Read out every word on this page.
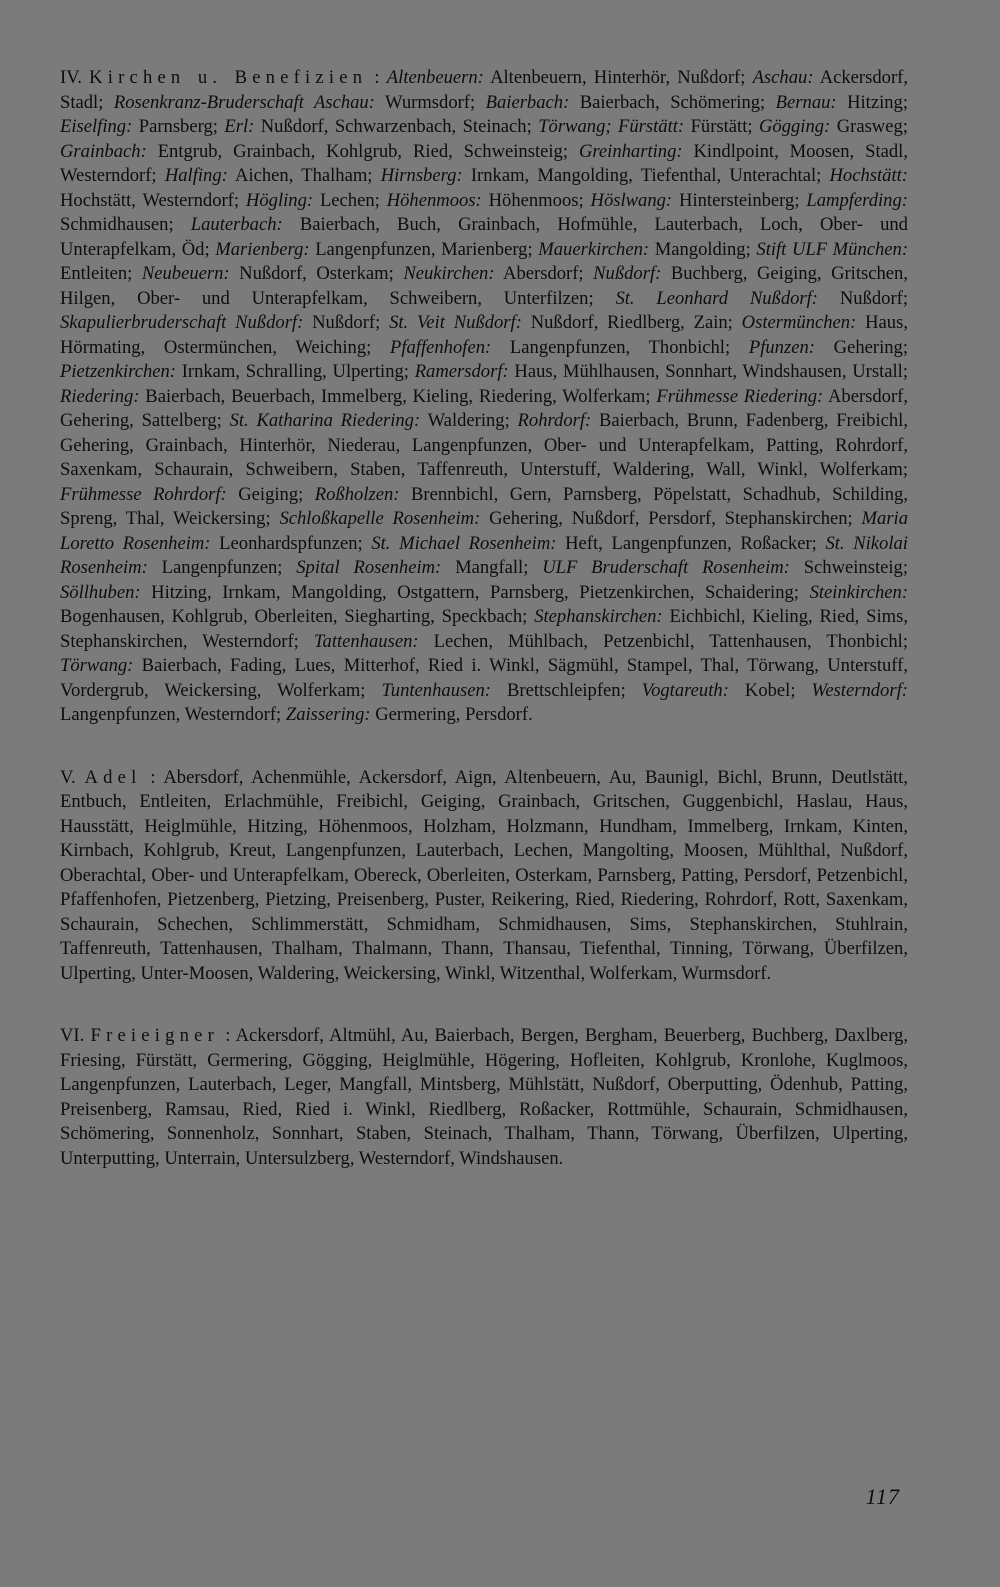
IV. Kirchen u. Benefizien : Altenbeuern: Altenbeuern, Hinterhör, Nußdorf; Aschau: Ackersdorf, Stadl; Rosenkranz-Bruderschaft Aschau: Wurmsdorf; Baierbach: Baierbach, Schömering; Bernau: Hitzing; Eiselfing: Parnsberg; Erl: Nußdorf, Schwarzenbach, Steinach; Törwang; Fürstätt: Fürstätt; Gögging: Grasweg; Grainbach: Entgrub, Grainbach, Kohlgrub, Ried, Schweinsteig; Greinharting: Kindlpoint, Moosen, Stadl, Westerndorf; Halfing: Aichen, Thalham; Hirnsberg: Irnkam, Mangolding, Tiefenthal, Unterachtal; Hochstätt: Hochstätt, Westerndorf; Högling: Lechen; Höhenmoos: Höhenmoos; Höslwang: Hintersteinberg; Lampferding: Schmidhausen; Lauterbach: Baierbach, Buch, Grainbach, Hofmühle, Lauterbach, Loch, Ober- und Unterapfelkam, Öd; Marienberg: Langenpfunzen, Marienberg; Mauerkirchen: Mangolding; Stift ULF München: Entleiten; Neubeuern: Nußdorf, Osterkam; Neukirchen: Abersdorf; Nußdorf: Buchberg, Geiging, Gritschen, Hilgen, Ober- und Unterapfelkam, Schweibern, Unterfilzen; St. Leonhard Nußdorf: Nußdorf; Skapulierbruderschaft Nußdorf: Nußdorf; St. Veit Nußdorf: Nußdorf, Riedlberg, Zain; Ostermünchen: Haus, Hörmating, Ostermünchen, Weiching; Pfaffenhofen: Langenpfunzen, Thonbichl; Pfunzen: Gehering; Pietzenkirchen: Irnkam, Schralling, Ulperting; Ramersdorf: Haus, Mühlhausen, Sonnhart, Windshausen, Urstall; Riedering: Baierbach, Beuerbach, Immelberg, Kieling, Riedering, Wolferkam; Frühmesse Riedering: Abersdorf, Gehering, Sattelberg; St. Katharina Riedering: Waldering; Rohrdorf: Baierbach, Brunn, Fadenberg, Freibichl, Gehering, Grainbach, Hinterhör, Niederau, Langenpfunzen, Ober- und Unterapfelkam, Patting, Rohrdorf, Saxenkam, Schaurain, Schweibern, Staben, Taffenreuth, Unterstuff, Waldering, Wall, Winkl, Wolferkam; Frühmesse Rohrdorf: Geiging; Roßholzen: Brennbichl, Gern, Parnsberg, Pöpelstatt, Schadhub, Schilding, Spreng, Thal, Weickersing; Schloßkapelle Rosenheim: Gehering, Nußdorf, Persdorf, Stephanskirchen; Maria Loretto Rosenheim: Leonhardspfunzen; St. Michael Rosenheim: Heft, Langenpfunzen, Roßacker; St. Nikolai Rosenheim: Langenpfunzen; Spital Rosenheim: Mangfall; ULF Bruderschaft Rosenheim: Schweinsteig; Söllhuben: Hitzing, Irnkam, Mangolding, Ostgattern, Parnsberg, Pietzenkirchen, Schaidering; Steinkirchen: Bogenhausen, Kohlgrub, Oberleiten, Siegharting, Speckbach; Stephanskirchen: Eichbichl, Kieling, Ried, Sims, Stephanskirchen, Westerndorf; Tattenhausen: Lechen, Mühlbach, Petzenbichl, Tattenhausen, Thonbichl; Törwang: Baierbach, Fading, Lues, Mitterhof, Ried i. Winkl, Sägmühl, Stampel, Thal, Törwang, Unterstuff, Vordergrub, Weickersing, Wolferkam; Tuntenhausen: Brettschleipfen; Vogtareuth: Kobel; Westerndorf: Langenpfunzen, Westerndorf; Zaissering: Germering, Persdorf.

V. Adel : Abersdorf, Achenmühle, Ackersdorf, Aign, Altenbeuern, Au, Baunigl, Bichl, Brunn, Deutlstätt, Entbuch, Entleiten, Erlachmühle, Freibichl, Geiging, Grainbach, Gritschen, Guggenbichl, Haslau, Haus, Hausstätt, Heiglmühle, Hitzing, Höhenmoos, Holzham, Holzmann, Hundham, Immelberg, Irnkam, Kinten, Kirnbach, Kohlgrub, Kreut, Langenpfunzen, Lauterbach, Lechen, Mangolting, Moosen, Mühlthal, Nußdorf, Oberachtal, Ober- und Unterapfelkam, Obereck, Oberleiten, Osterkam, Parnsberg, Patting, Persdorf, Petzenbichl, Pfaffenhofen, Pietzenberg, Pietzing, Preisenberg, Puster, Reikering, Ried, Riedering, Rohrdorf, Rott, Saxenkam, Schaurain, Schechen, Schlimmerstätt, Schmidham, Schmidhausen, Sims, Stephanskirchen, Stuhlrain, Taffenreuth, Tattenhausen, Thalham, Thalmann, Thann, Thansau, Tiefenthal, Tinning, Törwang, Überfilzen, Ulperting, Unter-Moosen, Waldering, Weickersing, Winkl, Witzenthal, Wolferkam, Wurmsdorf.

VI. Freieigner : Ackersdorf, Altmühl, Au, Baierbach, Bergen, Bergham, Beuerberg, Buchberg, Daxlberg, Friesing, Fürstätt, Germering, Gögging, Heiglmühle, Högering, Hofleiten, Kohlgrub, Kronlohe, Kuglmoos, Langenpfunzen, Lauterbach, Leger, Mangfall, Mintsberg, Mühlstätt, Nußdorf, Oberputting, Ödenhub, Patting, Preisenberg, Ramsau, Ried, Ried i. Winkl, Riedlberg, Roßacker, Rottmühle, Schaurain, Schmidhausen, Schömering, Sonnenholz, Sonnhart, Staben, Steinach, Thalham, Thann, Törwang, Überfilzen, Ulperting, Unterputting, Unterrain, Untersulzberg, Westerndorf, Windshausen.

117
